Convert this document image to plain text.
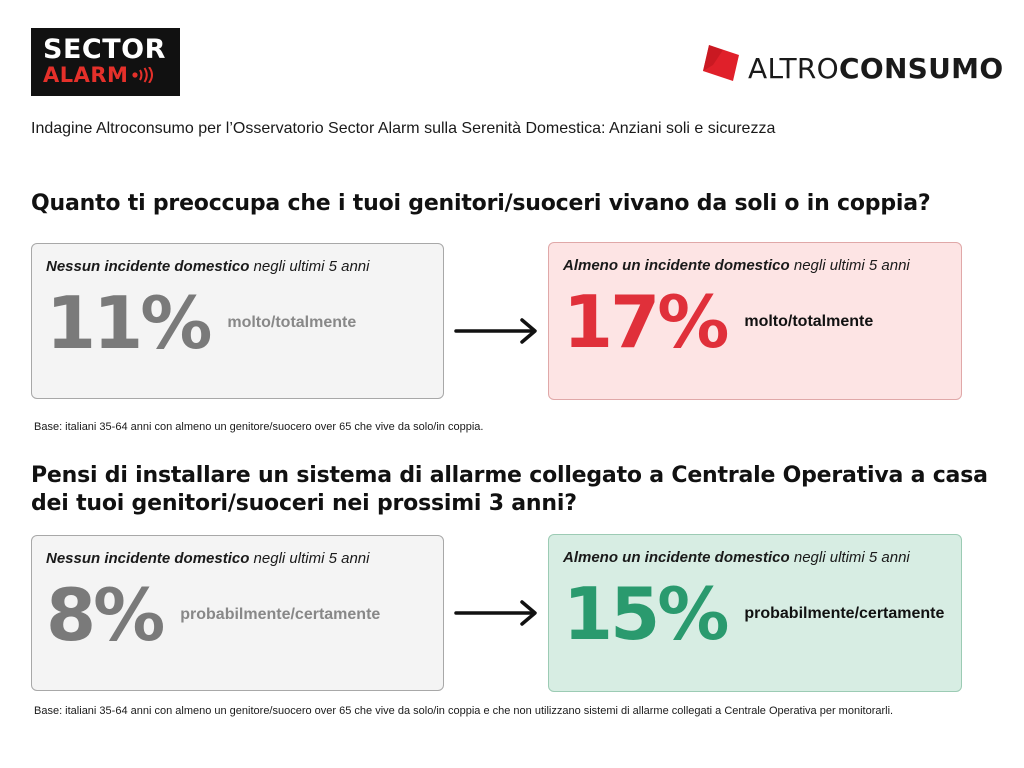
SECTOR
ALARM	ALTROCONSUMO
Indagine Altroconsumo per l’Osservatorio Sector Alarm sulla Serenità Domestica: Anziani soli e sicurezza
Quanto ti preoccupa che i tuoi genitori/suoceri vivano da soli o in coppia?
Nessun incidente domestico negli ultimi 5 anni
11% molto/totalmente
Almeno un incidente domestico negli ultimi 5 anni
17% molto/totalmente
Base: italiani 35-64 anni con almeno un genitore/suocero over 65 che vive da solo/in coppia.
Pensi di installare un sistema di allarme collegato a Centrale Operativa a casa dei tuoi genitori/suoceri nei prossimi 3 anni?
Nessun incidente domestico negli ultimi 5 anni
8% probabilmente/certamente
Almeno un incidente domestico negli ultimi 5 anni
15% probabilmente/certamente
Base: italiani 35-64 anni con almeno un genitore/suocero over 65 che vive da solo/in coppia e che non utilizzano sistemi di allarme collegati a Centrale Operativa per monitorarli.
